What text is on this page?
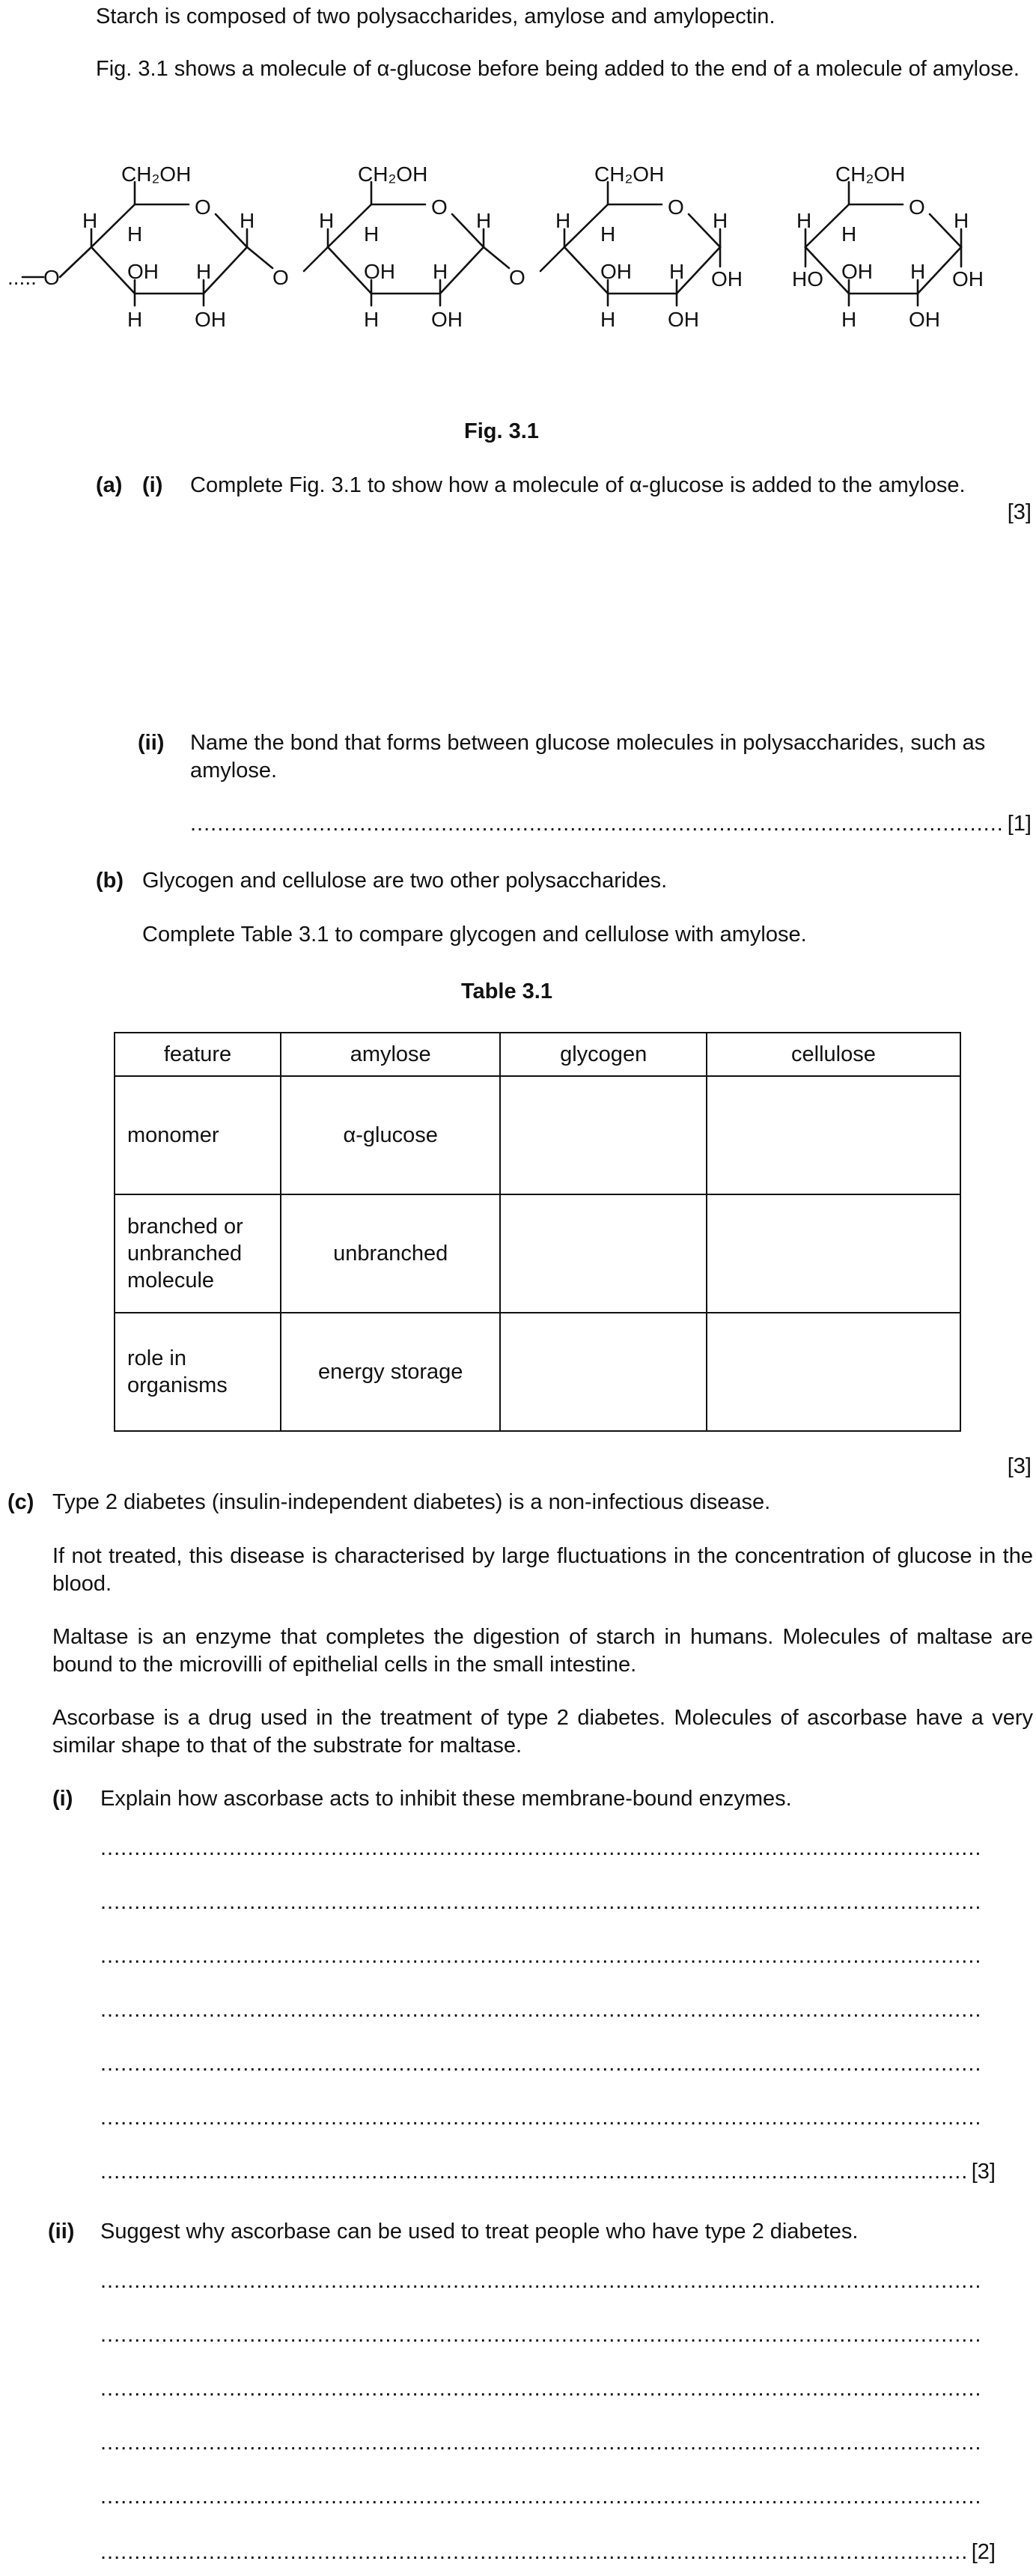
Starch is composed of two polysaccharides, amylose and amylopectin.

Fig. 3.1 shows a molecule of α-glucose before being added to the end of a molecule of amylose.

..... O
CH₂OH
O
H
H
H
OH H
H OH
O
CH₂OH
O
H
H
H
OH H
H OH
O
CH₂OH
O
H
H
H
OH H
H OH
OH
CH₂OH
O
H
H
H
OH H
H OH
HO	OH

Fig. 3.1

(a) (i) Complete Fig. 3.1 to show how a molecule of α-glucose is added to the amylose.

[3]
(ii) Name the bond that forms between glucose molecules in polysaccharides, such as amylose.

.....
[1]
(b) Glycogen and cellulose are two other polysaccharides.

Complete Table 3.1 to compare glycogen and cellulose with amylose.

Table 3.1

feature	amylose	glycogen	cellulose
monomer	α-glucose		
branched or unbranched molecule	unbranched		
role in organisms	energy storage		
[3]
(c) Type 2 diabetes (insulin-independent diabetes) is a non-infectious disease.

If not treated, this disease is characterised by large fluctuations in the concentration of glucose in the blood.

Maltase is an enzyme that completes the digestion of starch in humans. Molecules of maltase are bound to the microvilli of epithelial cells in the small intestine.

Ascorbase is a drug used in the treatment of type 2 diabetes. Molecules of ascorbase have a very similar shape to that of the substrate for maltase.

(i) Explain how ascorbase acts to inhibit these membrane-bound enzymes.

.....
.....
.....
.....
.....
.....
.....
[3]
(ii) Suggest why ascorbase can be used to treat people who have type 2 diabetes.

.....
.....
.....
.....
.....
.....
[2]
